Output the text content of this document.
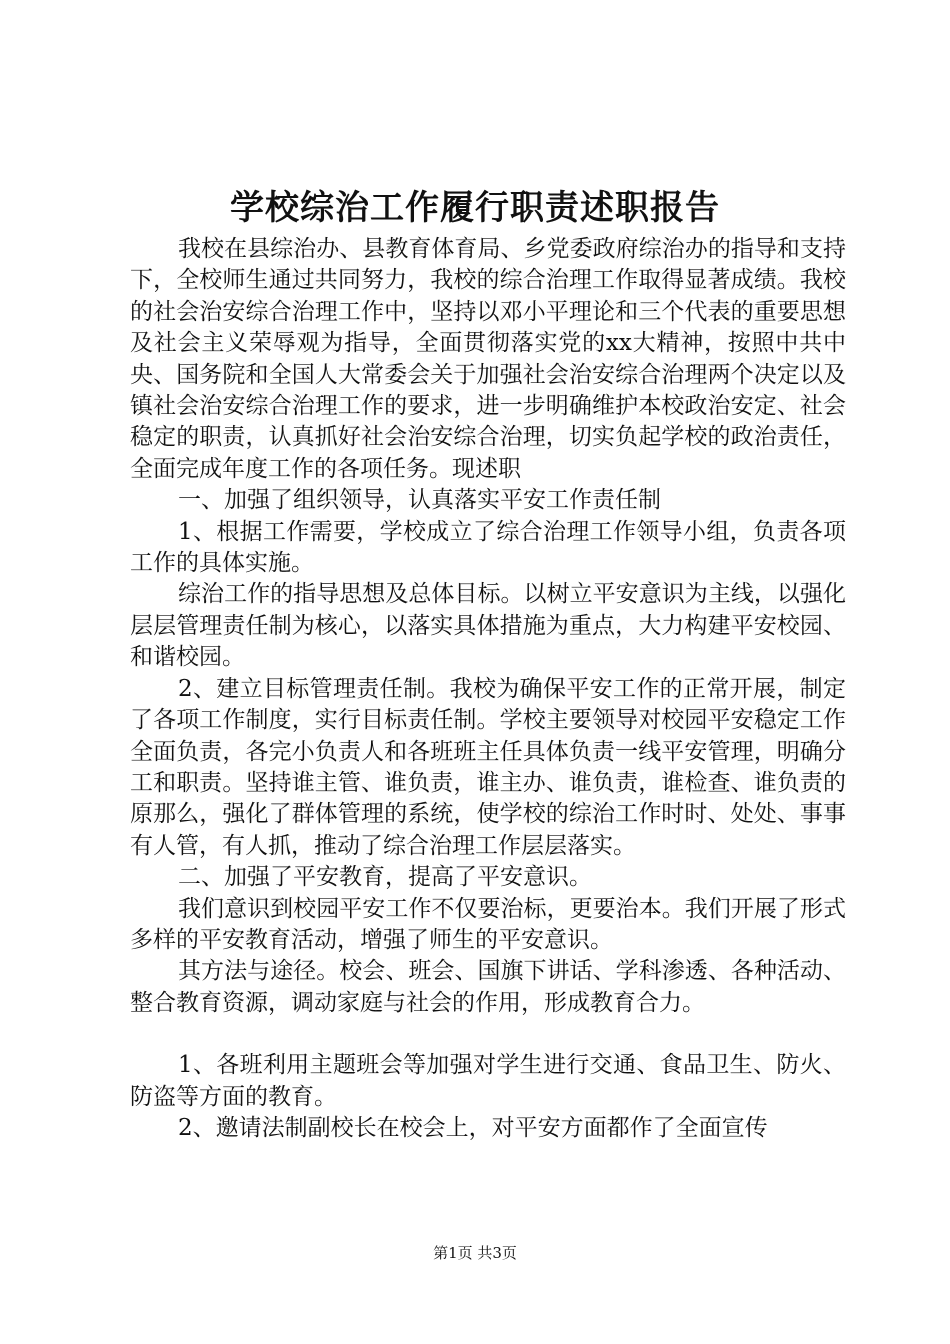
学校综治工作履行职责述职报告

我校在县综治办、县教育体育局、乡党委政府综治办的指导和支持下，全校师生通过共同努力，我校的综合治理工作取得显著成绩。我校的社会治安综合治理工作中，坚持以邓小平理论和三个代表的重要思想及社会主义荣辱观为指导，全面贯彻落实党的xx大精神，按照中共中央、国务院和全国人大常委会关于加强社会治安综合治理两个决定以及镇社会治安综合治理工作的要求，进一步明确维护本校政治安定、社会稳定的职责，认真抓好社会治安综合治理，切实负起学校的政治责任，全面完成年度工作的各项任务。现述职

一、加强了组织领导，认真落实平安工作责任制

1、根据工作需要，学校成立了综合治理工作领导小组，负责各项工作的具体实施。

综治工作的指导思想及总体目标。以树立平安意识为主线，以强化层层管理责任制为核心，以落实具体措施为重点，大力构建平安校园、和谐校园。

2、建立目标管理责任制。我校为确保平安工作的正常开展，制定了各项工作制度，实行目标责任制。学校主要领导对校园平安稳定工作全面负责，各完小负责人和各班班主任具体负责一线平安管理，明确分工和职责。坚持谁主管、谁负责，谁主办、谁负责，谁检查、谁负责的原那么，强化了群体管理的系统，使学校的综治工作时时、处处、事事有人管，有人抓，推动了综合治理工作层层落实。

二、加强了平安教育，提高了平安意识。

我们意识到校园平安工作不仅要治标，更要治本。我们开展了形式多样的平安教育活动，增强了师生的平安意识。

其方法与途径。校会、班会、国旗下讲话、学科渗透、各种活动、整合教育资源，调动家庭与社会的作用，形成教育合力。

1、各班利用主题班会等加强对学生进行交通、食品卫生、防火、防盗等方面的教育。

2、邀请法制副校长在校会上，对平安方面都作了全面宣传

第1页 共3页
